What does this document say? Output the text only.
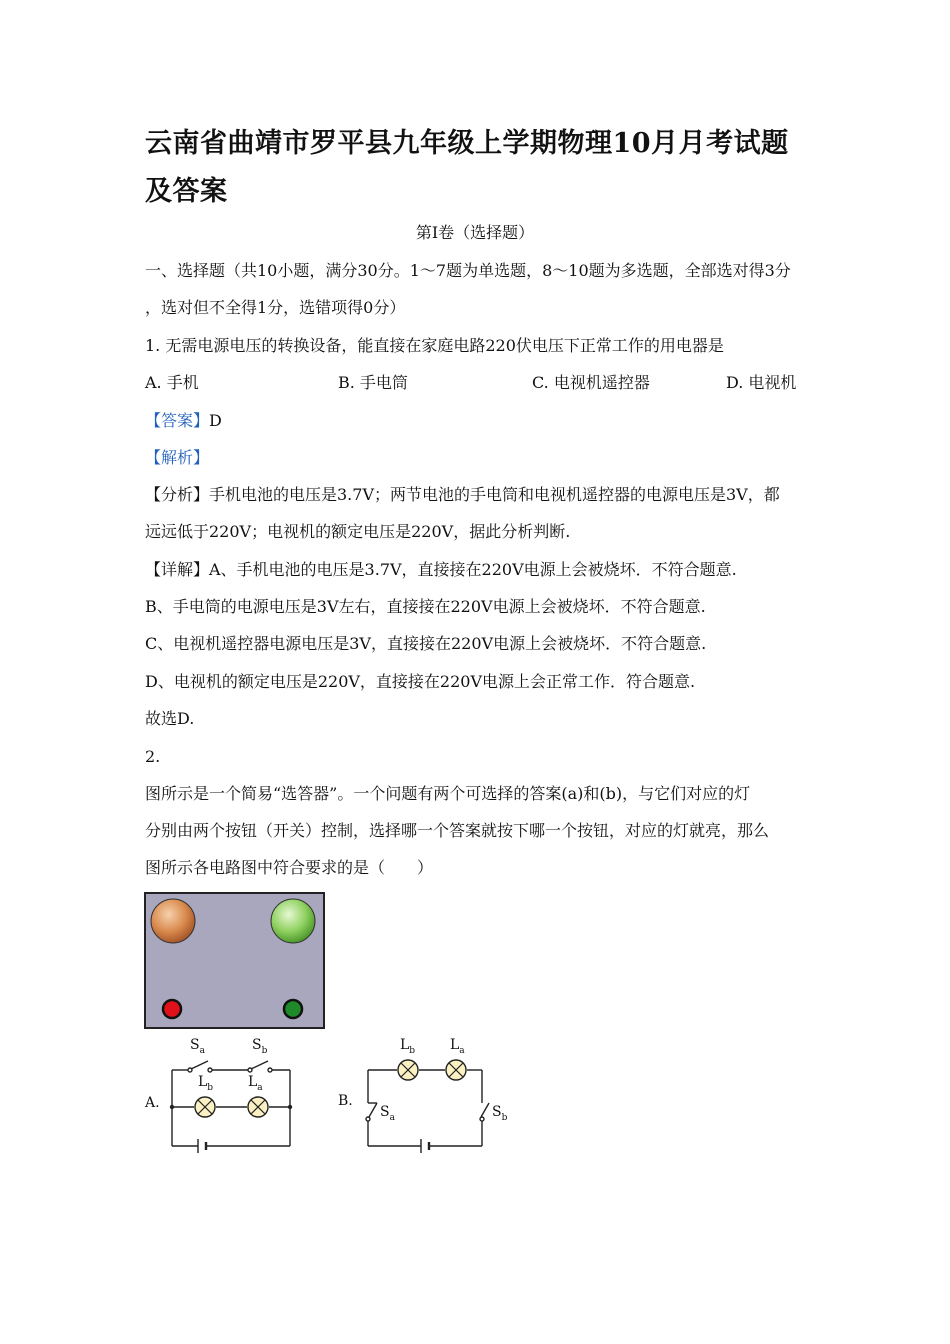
云南省曲靖市罗平县九年级上学期物理10月月考试题及答案
第Ⅰ卷（选择题）
一、选择题（共10小题，满分30分。1～7题为单选题，8～10题为多选题，全部选对得3分
，选对但不全得1分，选错项得0分）
1. 无需电源电压的转换设备，能直接在家庭电路220伏电压下正常工作的用电器是
A. 手机	B. 手电筒	C. 电视机遥控器	D. 电视机
【答案】D
【解析】
【分析】手机电池的电压是3.7V；两节电池的手电筒和电视机遥控器的电源电压是3V，都
远远低于220V；电视机的额定电压是220V，据此分析判断.
【详解】A、手机电池的电压是3.7V，直接接在220V电源上会被烧坏．不符合题意.
B、手电筒的电源电压是3V左右，直接接在220V电源上会被烧坏．不符合题意.
C、电视机遥控器电源电压是3V，直接接在220V电源上会被烧坏．不符合题意.
D、电视机的额定电压是220V，直接接在220V电源上会正常工作．符合题意.
故选D.
2.
图所示是一个简易“选答器”。一个问题有两个可选择的答案(a)和(b)，与它们对应的灯
分别由两个按钮（开关）控制，选择哪一个答案就按下哪一个按钮，对应的灯就亮，那么
图所示各电路图中符合要求的是（　　）
A.
$S_a$	$S_b$
$L_b$ $L_a$
B.
$L_b$ $L_a$
$S_a$	$S_b$
